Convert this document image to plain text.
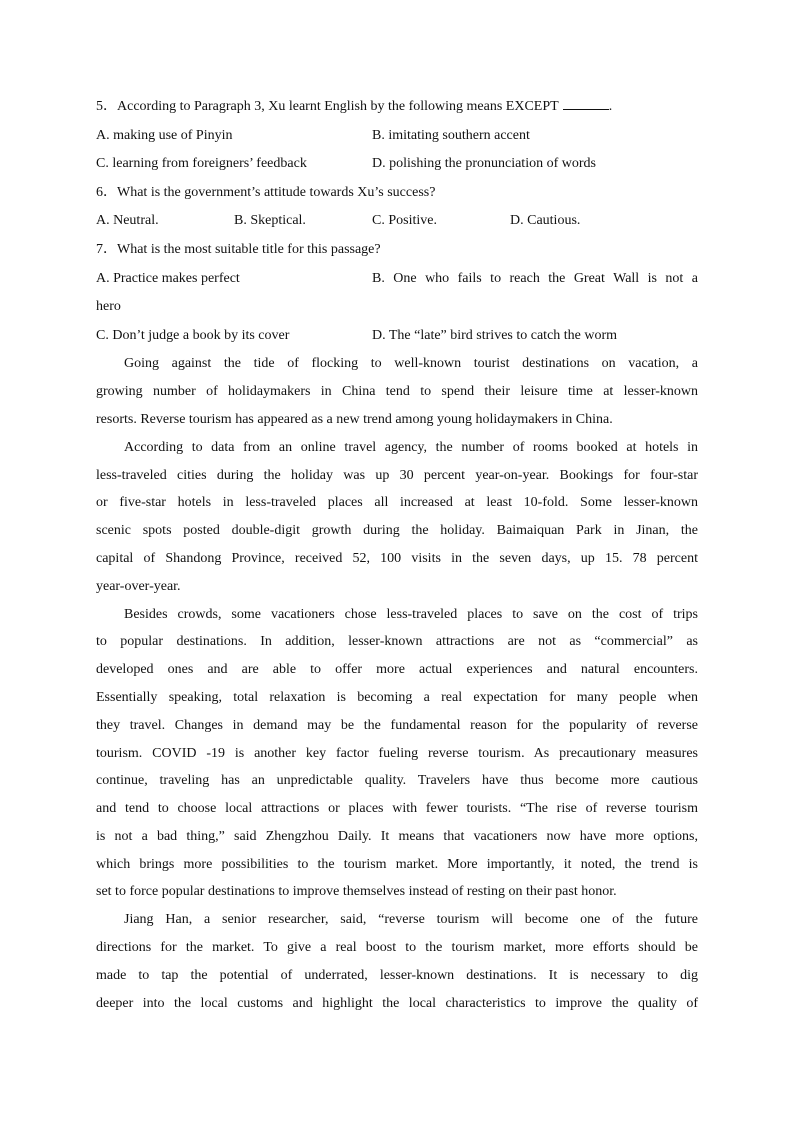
5．According to Paragraph 3, Xu learnt English by the following means EXCEPT	.
A. making use of Pinyin	B. imitating southern accent
C. learning from foreigners’ feedback	D. polishing the pronunciation of words
6．What is the government’s attitude towards Xu’s success?
A. Neutral.	B. Skeptical.	C. Positive.	D. Cautious.
7．What is the most suitable title for this passage?
A. Practice makes perfect	B. One who fails to reach the Great Wall is not a
hero
C. Don’t judge a book by its cover	D. The “late” bird strives to catch the worm
Going against the tide of flocking to well-known tourist destinations on vacation, a
growing number of holidaymakers in China tend to spend their leisure time at lesser-known
resorts. Reverse tourism has appeared as a new trend among young holidaymakers in China.
According to data from an online travel agency, the number of rooms booked at hotels in
less-traveled cities during the holiday was up 30 percent year-on-year. Bookings for four-star
or five-star hotels in less-traveled places all increased at least 10-fold. Some lesser-known
scenic spots posted double-digit growth during the holiday. Baimaiquan Park in Jinan, the
capital of Shandong Province, received 52, 100 visits in the seven days, up 15. 78 percent
year-over-year.
Besides crowds, some vacationers chose less-traveled places to save on the cost of trips
to popular destinations. In addition, lesser-known attractions are not as “commercial” as
developed ones and are able to offer more actual experiences and natural encounters.
Essentially speaking, total relaxation is becoming a real expectation for many people when
they travel. Changes in demand may be the fundamental reason for the popularity of reverse
tourism. COVID -19 is another key factor fueling reverse tourism. As precautionary measures
continue, traveling has an unpredictable quality. Travelers have thus become more cautious
and tend to choose local attractions or places with fewer tourists. “The rise of reverse tourism
is not a bad thing,” said Zhengzhou Daily. It means that vacationers now have more options,
which brings more possibilities to the tourism market. More importantly, it noted, the trend is
set to force popular destinations to improve themselves instead of resting on their past honor.
Jiang Han, a senior researcher, said, “reverse tourism will become one of the future
directions for the market. To give a real boost to the tourism market, more efforts should be
made to tap the potential of underrated, lesser-known destinations. It is necessary to dig
deeper into the local customs and highlight the local characteristics to improve the quality of
